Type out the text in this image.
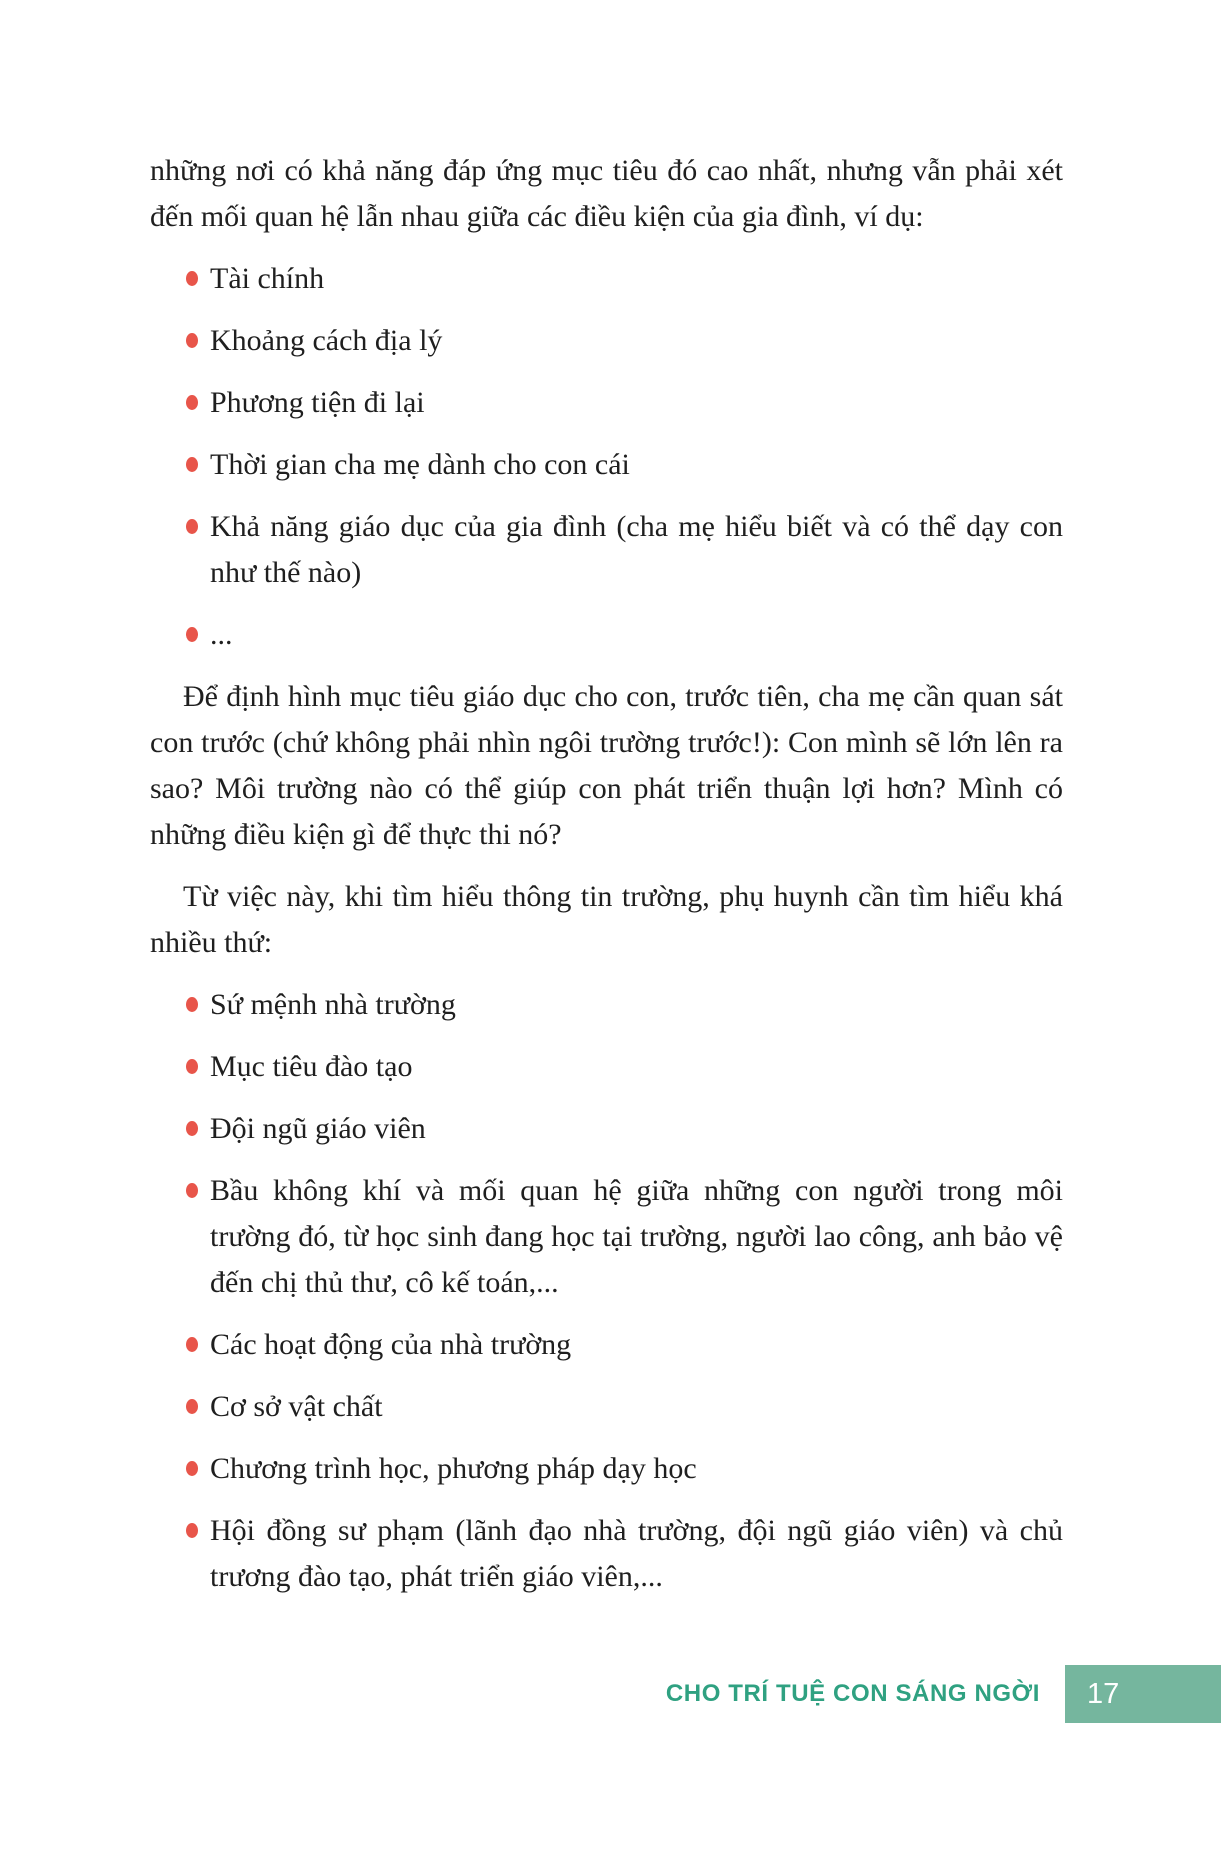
những nơi có khả năng đáp ứng mục tiêu đó cao nhất, nhưng vẫn phải xét đến mối quan hệ lẫn nhau giữa các điều kiện của gia đình, ví dụ:

Tài chính
Khoảng cách địa lý
Phương tiện đi lại
Thời gian cha mẹ dành cho con cái
Khả năng giáo dục của gia đình (cha mẹ hiểu biết và có thể dạy con như thế nào)
...

Để định hình mục tiêu giáo dục cho con, trước tiên, cha mẹ cần quan sát con trước (chứ không phải nhìn ngôi trường trước!): Con mình sẽ lớn lên ra sao? Môi trường nào có thể giúp con phát triển thuận lợi hơn? Mình có những điều kiện gì để thực thi nó?

Từ việc này, khi tìm hiểu thông tin trường, phụ huynh cần tìm hiểu khá nhiều thứ:

Sứ mệnh nhà trường
Mục tiêu đào tạo
Đội ngũ giáo viên
Bầu không khí và mối quan hệ giữa những con người trong môi trường đó, từ học sinh đang học tại trường, người lao công, anh bảo vệ đến chị thủ thư, cô kế toán,...
Các hoạt động của nhà trường
Cơ sở vật chất
Chương trình học, phương pháp dạy học
Hội đồng sư phạm (lãnh đạo nhà trường, đội ngũ giáo viên) và chủ trương đào tạo, phát triển giáo viên,...
CHO TRÍ TUỆ CON SÁNG NGỜI 17
